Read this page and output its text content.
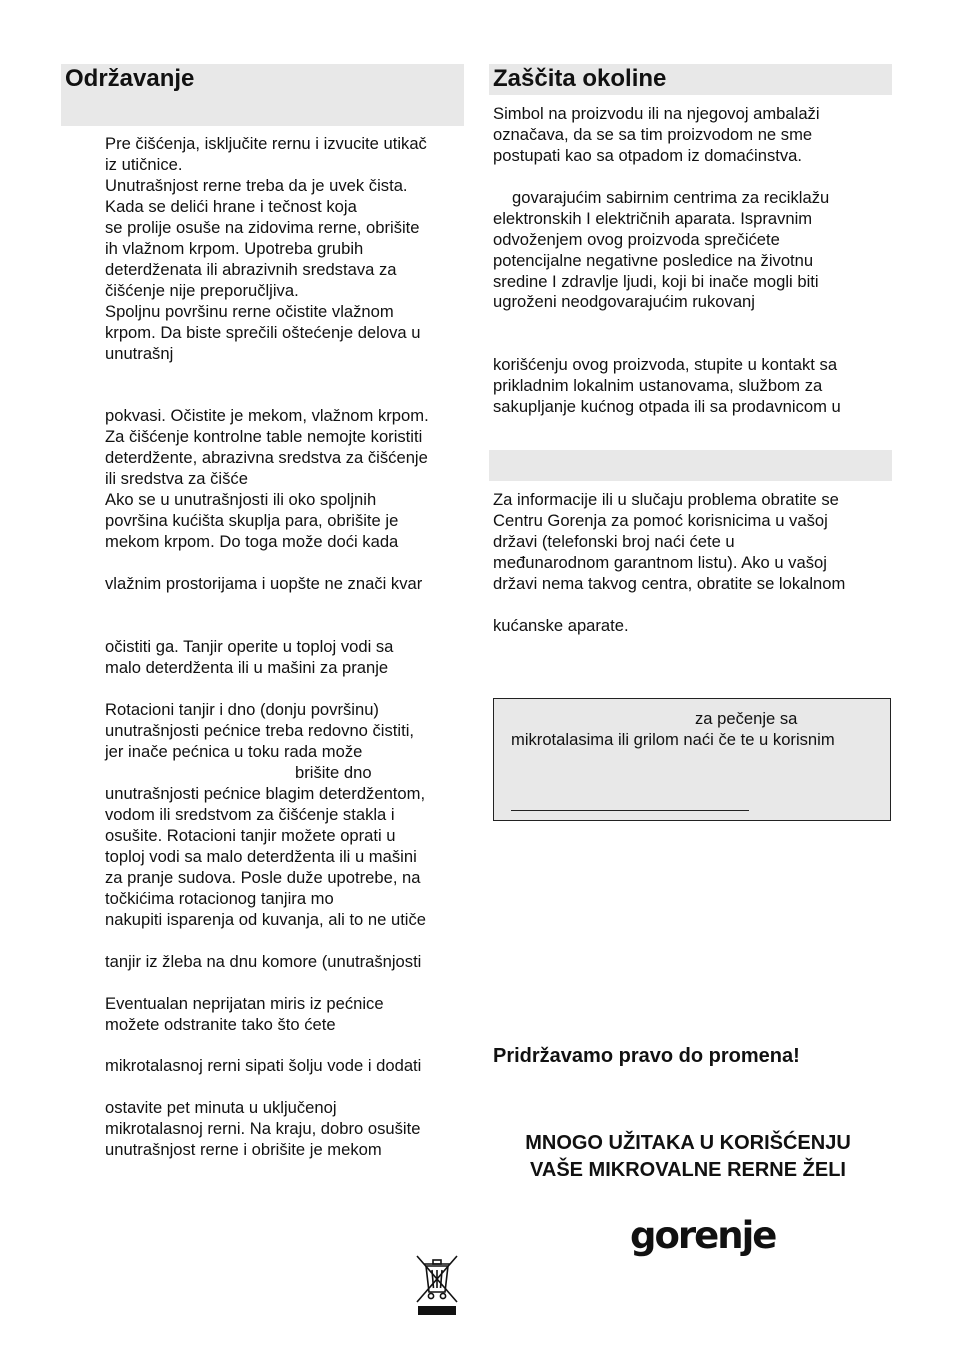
Održavanje
Pre čišćenja, isključite rernu i izvucite utikač
iz utičnice.
Unutrašnjost rerne treba da je uvek čista.
Kada se delići hrane i tečnost koja
se prolije osuše na zidovima rerne, obrišite
ih vlažnom krpom. Upotreba grubih
deterdženata ili abrazivnih sredstava za
čišćenje nije preporučljiva.
Spoljnu površinu rerne očistite vlažnom
krpom. Da biste sprečili oštećenje delova u
unutrašnj
pokvasi. Očistite je mekom, vlažnom krpom.
Za čišćenje kontrolne table nemojte koristiti
deterdžente, abrazivna sredstva za čišćenje
ili sredstva za čišće
Ako se u unutrašnjosti ili oko spoljnih
površina kućišta skuplja para, obrišite je
mekom krpom. Do toga može doći kada
vlažnim prostorijama i uopšte ne znači kvar
očistiti ga. Tanjir operite u toploj vodi sa
malo deterdženta ili u mašini za pranje
Rotacioni tanjir i dno (donju površinu)
unutrašnjosti pećnice treba redovno čistiti,
jer inače pećnica u toku rada može
brišite dno
unutrašnjosti pećnice blagim deterdžentom,
vodom ili sredstvom za čišćenje stakla i
osušite. Rotacioni tanjir možete oprati u
toploj vodi sa malo deterdženta ili u mašini
za pranje sudova. Posle duže upotrebe, na
točkićima rotacionog tanjira mo
nakupiti isparenja od kuvanja, ali to ne utiče
tanjir iz žleba na dnu komore (unutrašnjosti
Eventualan neprijatan miris iz pećnice
možete odstranite tako što ćete
mikrotalasnoj rerni sipati šolju vode i dodati
ostavite pet minuta u uključenoj
mikrotalasnoj rerni. Na kraju, dobro osušite
unutrašnjost rerne i obrišite je mekom
Zaščita okoline
Simbol na proizvodu ili na njegovoj ambalaži
označava, da se sa tim proizvodom ne sme
postupati kao sa otpadom iz domaćinstva.
govarajućim sabirnim centrima za reciklažu
elektronskih I električnih aparata. Ispravnim
odvoženjem ovog proizvoda sprečićete
potencijalne negativne posledice na životnu
sredine I zdravlje ljudi, koji bi inače mogli biti
ugroženi neodgovarajućim rukovanj
korišćenju ovog proizvoda, stupite u kontakt sa
prikladnim lokalnim ustanovama, službom za
sakupljanje kućnog otpada ili sa prodavnicom u
Za informacije ili u slučaju problema obratite se
Centru Gorenja za pomoć korisnicima u vašoj
državi (telefonski broj naći ćete u
međunarodnom garantnom listu). Ako u vašoj
državi nema takvog centra, obratite se lokalnom
kućanske aparate.
za pečenje sa
mikrotalasima ili grilom naći če te u korisnim
Pridržavamo pravo do promena!
MNOGO UŽITAKA U KORIŠĆENJU
VAŠE MIKROVALNE RERNE ŽELI
gorenje
